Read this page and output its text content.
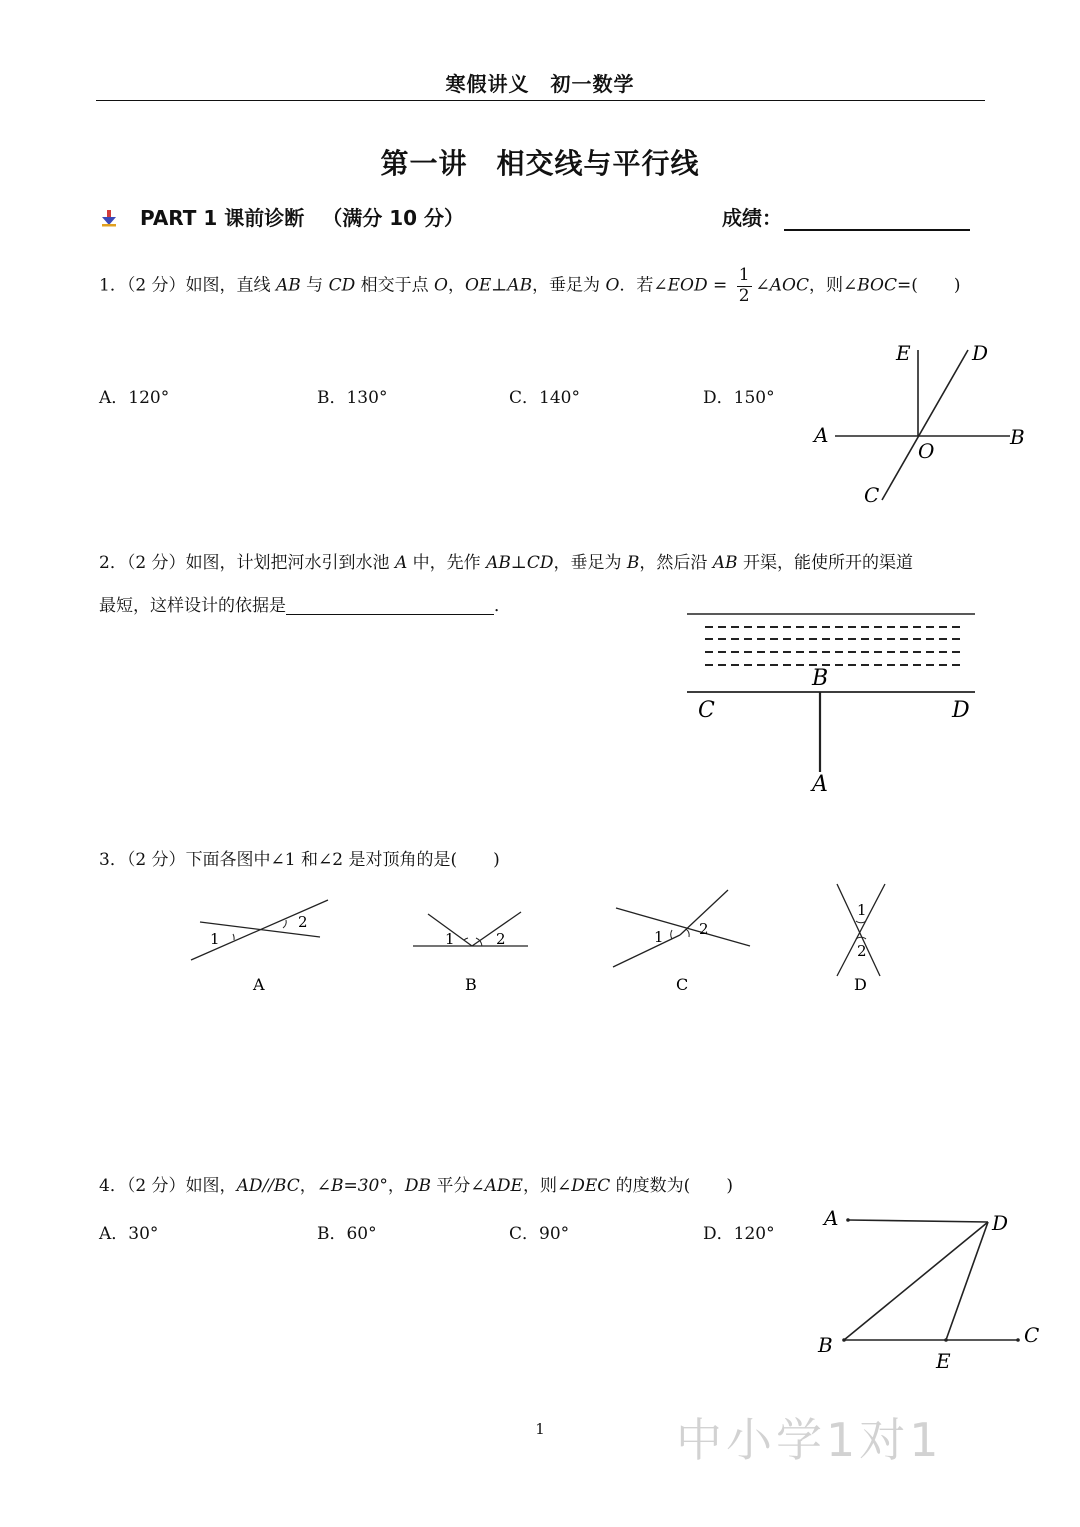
寒假讲义　初一数学
第一讲　相交线与平行线
PART 1 课前诊断 （满分 10 分）	成绩：
1．（2 分）如图，直线 AB 与 CD 相交于点 O，OE⊥AB，垂足为 O．若∠EOD = $\frac{1}{2}$ ∠AOC，则∠BOC=( )
A．120°	B．130°	C．140°	D．150°
E	D
A	B
O
C
2．（2 分）如图，计划把河水引到水池 A 中，先作 AB⊥CD，垂足为 B，然后沿 AB 开渠，能使所开的渠道
最短，这样设计的依据是	．
B
C	D
A
3．（2 分）下面各图中∠1 和∠2 是对顶角的是( )
1
2
A
1	2
B
1 2
C
1
2
D
4．（2 分）如图，AD//BC，∠B=30°，DB 平分∠ADE，则∠DEC 的度数为( )
A．30°	B．60°	C．90°	D．120°
A	D
B
E
C
1	中小学1对1
